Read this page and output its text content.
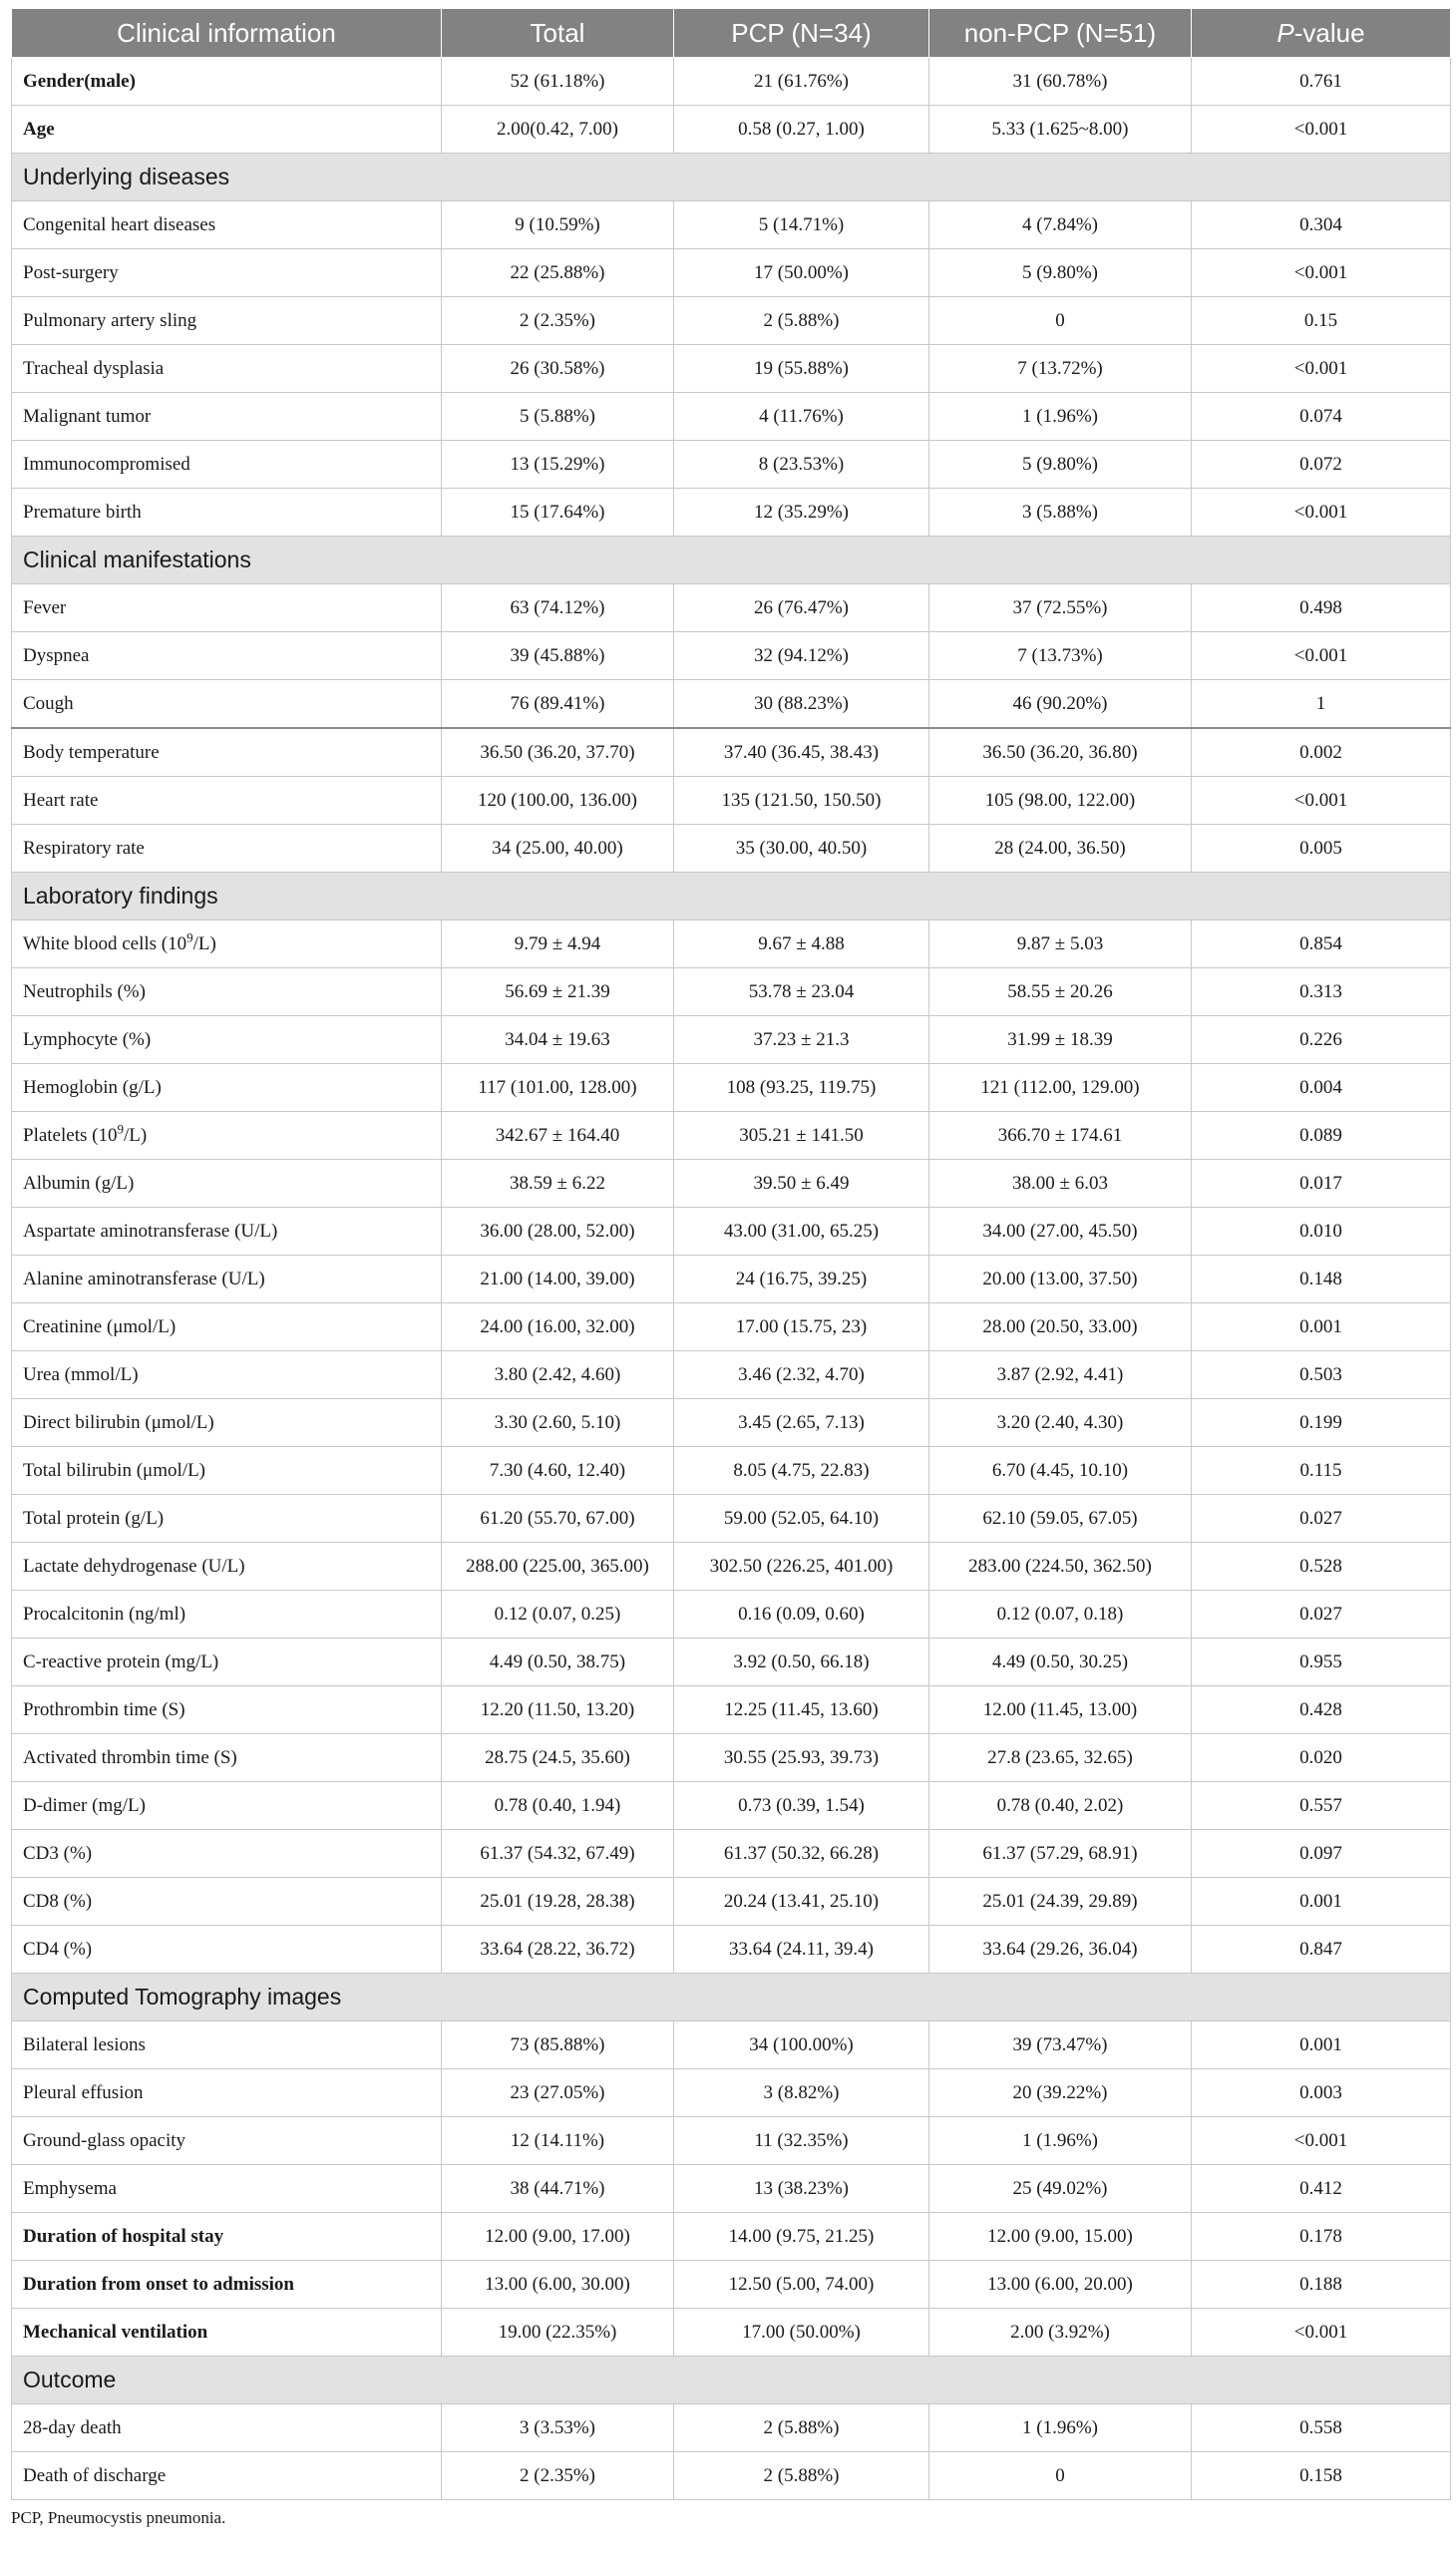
Clinical information	Total	PCP (N=34)	non-PCP (N=51)	P-value
Gender(male)	52 (61.18%)	21 (61.76%)	31 (60.78%)	0.761
Age	2.00(0.42, 7.00)	0.58 (0.27, 1.00)	5.33 (1.625~8.00)	<0.001
Underlying diseases				
Congenital heart diseases	9 (10.59%)	5 (14.71%)	4 (7.84%)	0.304
Post-surgery	22 (25.88%)	17 (50.00%)	5 (9.80%)	<0.001
Pulmonary artery sling	2 (2.35%)	2 (5.88%)	0	0.15
Tracheal dysplasia	26 (30.58%)	19 (55.88%)	7 (13.72%)	<0.001
Malignant tumor	5 (5.88%)	4 (11.76%)	1 (1.96%)	0.074
Immunocompromised	13 (15.29%)	8 (23.53%)	5 (9.80%)	0.072
Premature birth	15 (17.64%)	12 (35.29%)	3 (5.88%)	<0.001
Clinical manifestations				
Fever	63 (74.12%)	26 (76.47%)	37 (72.55%)	0.498
Dyspnea	39 (45.88%)	32 (94.12%)	7 (13.73%)	<0.001
Cough	76 (89.41%)	30 (88.23%)	46 (90.20%)	1
Body temperature	36.50 (36.20, 37.70)	37.40 (36.45, 38.43)	36.50 (36.20, 36.80)	0.002
Heart rate	120 (100.00, 136.00)	135 (121.50, 150.50)	105 (98.00, 122.00)	<0.001
Respiratory rate	34 (25.00, 40.00)	35 (30.00, 40.50)	28 (24.00, 36.50)	0.005
Laboratory findings				
White blood cells $(10^9/L)$	9.79 ± 4.94	9.67 ± 4.88	9.87 ± 5.03	0.854
Neutrophils (%)	56.69 ± 21.39	53.78 ± 23.04	58.55 ± 20.26	0.313
Lymphocyte (%)	34.04 ± 19.63	37.23 ± 21.3	31.99 ± 18.39	0.226
Hemoglobin (g/L)	117 (101.00, 128.00)	108 (93.25, 119.75)	121 (112.00, 129.00)	0.004
Platelets $(10^9/L)$	342.67 ± 164.40	305.21 ± 141.50	366.70 ± 174.61	0.089
Albumin (g/L)	38.59 ± 6.22	39.50 ± 6.49	38.00 ± 6.03	0.017
Aspartate aminotransferase (U/L)	36.00 (28.00, 52.00)	43.00 (31.00, 65.25)	34.00 (27.00, 45.50)	0.010
Alanine aminotransferase (U/L)	21.00 (14.00, 39.00)	24 (16.75, 39.25)	20.00 (13.00, 37.50)	0.148
Creatinine (μmol/L)	24.00 (16.00, 32.00)	17.00 (15.75, 23)	28.00 (20.50, 33.00)	0.001
Urea (mmol/L)	3.80 (2.42, 4.60)	3.46 (2.32, 4.70)	3.87 (2.92, 4.41)	0.503
Direct bilirubin (μmol/L)	3.30 (2.60, 5.10)	3.45 (2.65, 7.13)	3.20 (2.40, 4.30)	0.199
Total bilirubin (μmol/L)	7.30 (4.60, 12.40)	8.05 (4.75, 22.83)	6.70 (4.45, 10.10)	0.115
Total protein (g/L)	61.20 (55.70, 67.00)	59.00 (52.05, 64.10)	62.10 (59.05, 67.05)	0.027
Lactate dehydrogenase (U/L)	288.00 (225.00, 365.00)	302.50 (226.25, 401.00)	283.00 (224.50, 362.50)	0.528
Procalcitonin (ng/ml)	0.12 (0.07, 0.25)	0.16 (0.09, 0.60)	0.12 (0.07, 0.18)	0.027
C-reactive protein (mg/L)	4.49 (0.50, 38.75)	3.92 (0.50, 66.18)	4.49 (0.50, 30.25)	0.955
Prothrombin time (S)	12.20 (11.50, 13.20)	12.25 (11.45, 13.60)	12.00 (11.45, 13.00)	0.428
Activated thrombin time (S)	28.75 (24.5, 35.60)	30.55 (25.93, 39.73)	27.8 (23.65, 32.65)	0.020
D-dimer (mg/L)	0.78 (0.40, 1.94)	0.73 (0.39, 1.54)	0.78 (0.40, 2.02)	0.557
CD3 (%)	61.37 (54.32, 67.49)	61.37 (50.32, 66.28)	61.37 (57.29, 68.91)	0.097
CD8 (%)	25.01 (19.28, 28.38)	20.24 (13.41, 25.10)	25.01 (24.39, 29.89)	0.001
CD4 (%)	33.64 (28.22, 36.72)	33.64 (24.11, 39.4)	33.64 (29.26, 36.04)	0.847
Computed Tomography images				
Bilateral lesions	73 (85.88%)	34 (100.00%)	39 (73.47%)	0.001
Pleural effusion	23 (27.05%)	3 (8.82%)	20 (39.22%)	0.003
Ground-glass opacity	12 (14.11%)	11 (32.35%)	1 (1.96%)	<0.001
Emphysema	38 (44.71%)	13 (38.23%)	25 (49.02%)	0.412
Duration of hospital stay	12.00 (9.00, 17.00)	14.00 (9.75, 21.25)	12.00 (9.00, 15.00)	0.178
Duration from onset to admission	13.00 (6.00, 30.00)	12.50 (5.00, 74.00)	13.00 (6.00, 20.00)	0.188
Mechanical ventilation	19.00 (22.35%)	17.00 (50.00%)	2.00 (3.92%)	<0.001
Outcome				
28-day death	3 (3.53%)	2 (5.88%)	1 (1.96%)	0.558
Death of discharge	2 (2.35%)	2 (5.88%)	0	0.158
PCP, Pneumocystis pneumonia.
